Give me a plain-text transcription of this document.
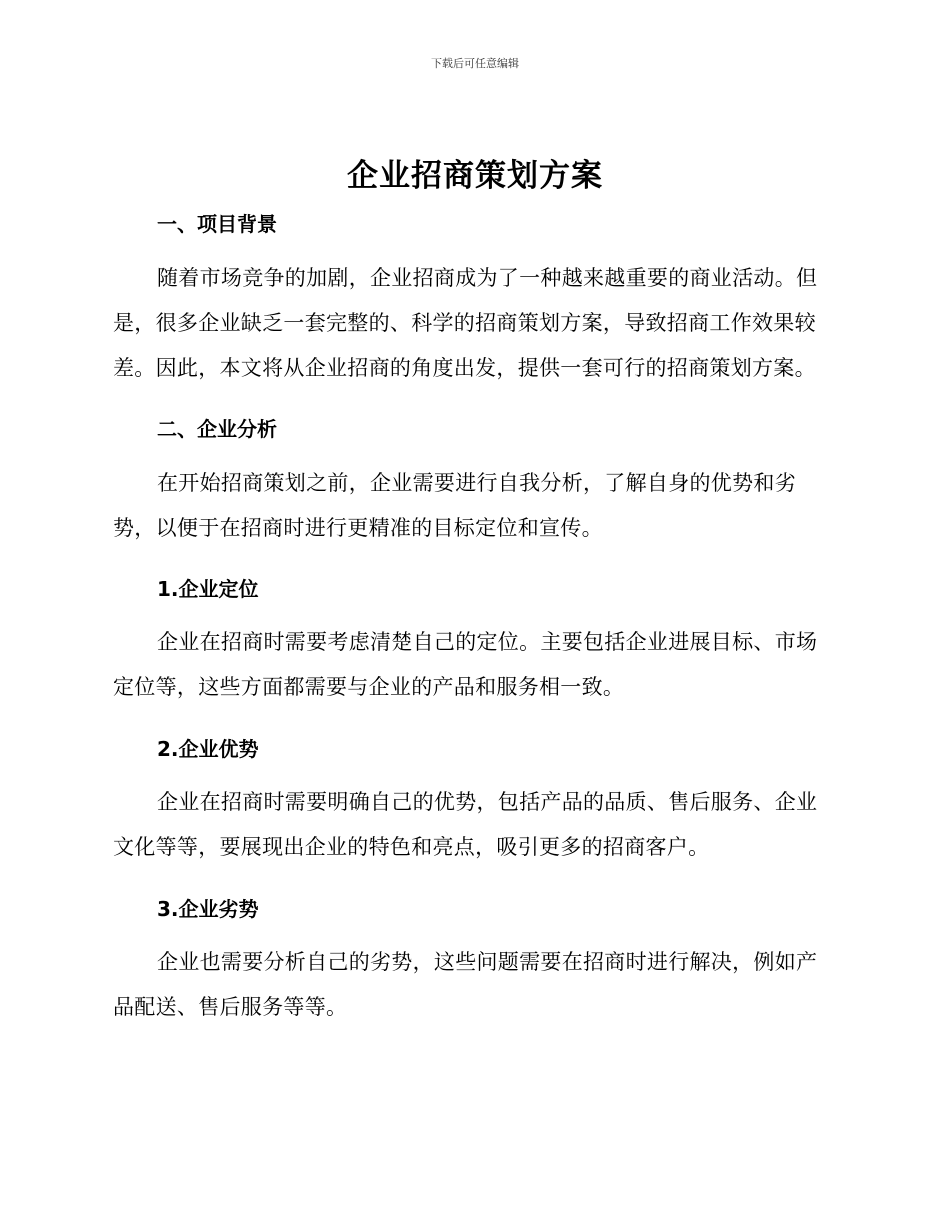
下载后可任意编辑
企业招商策划方案
一、项目背景

随着市场竞争的加剧，企业招商成为了一种越来越重要的商业活动。但是，很多企业缺乏一套完整的、科学的招商策划方案，导致招商工作效果较差。因此，本文将从企业招商的角度出发，提供一套可行的招商策划方案。

二、企业分析

在开始招商策划之前，企业需要进行自我分析，了解自身的优势和劣势，以便于在招商时进行更精准的目标定位和宣传。

1.企业定位

企业在招商时需要考虑清楚自己的定位。主要包括企业进展目标、市场定位等，这些方面都需要与企业的产品和服务相一致。

2.企业优势

企业在招商时需要明确自己的优势，包括产品的品质、售后服务、企业文化等等，要展现出企业的特色和亮点，吸引更多的招商客户。

3.企业劣势

企业也需要分析自己的劣势，这些问题需要在招商时进行解决，例如产品配送、售后服务等等。
